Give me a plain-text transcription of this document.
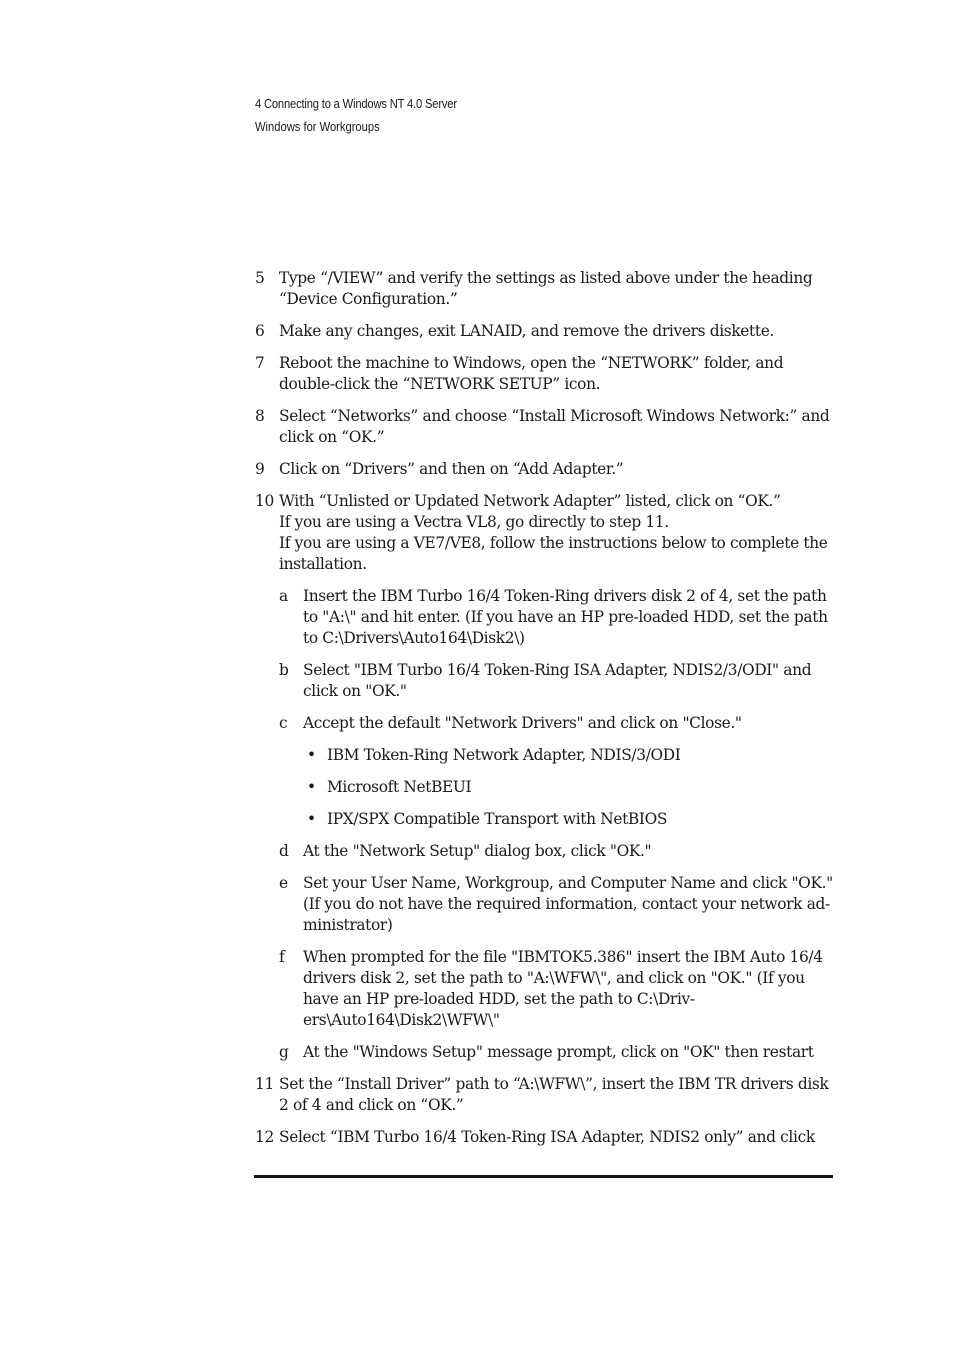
4 Connecting to a Windows NT 4.0 Server
Windows for Workgroups
5 Type “/VIEW” and verify the settings as listed above under the heading “Device Configuration.”
6 Make any changes, exit LANAID, and remove the drivers diskette.
7 Reboot the machine to Windows, open the “NETWORK” folder, and double-click the “NETWORK SETUP” icon.
8 Select “Networks” and choose “Install Microsoft Windows Network:” and click on “OK.”
9 Click on “Drivers” and then on “Add Adapter.”
10 With “Unlisted or Updated Network Adapter” listed, click on “OK.”
If you are using a Vectra VL8, go directly to step 11.
If you are using a VE7/VE8, follow the instructions below to complete the installation.
a Insert the IBM Turbo 16/4 Token-Ring drivers disk 2 of 4, set the path to "A:\" and hit enter. (If you have an HP pre-loaded HDD, set the path to C:\Drivers\Auto164\Disk2\)
b Select "IBM Turbo 16/4 Token-Ring ISA Adapter, NDIS2/3/ODI" and click on "OK."
c	Accept the default "Network Drivers" and click on "Close."
• IBM Token-Ring Network Adapter, NDIS/3/ODI
• Microsoft NetBEUI
• IPX/SPX Compatible Transport with NetBIOS
d At the "Network Setup" dialog box, click "OK."
e Set your User Name, Workgroup, and Computer Name and click "OK." (If you do not have the required information, contact your network ad-ministrator)
f	When prompted for the file "IBMTOK5.386" insert the IBM Auto 16/4 drivers disk 2, set the path to "A:\WFW\", and click on "OK." (If you have an HP pre-loaded HDD, set the path to C:\Driv-ers\Auto164\Disk2\WFW\"
g At the "Windows Setup" message prompt, click on "OK" then restart
11 Set the “Install Driver” path to “A:\WFW\”, insert the IBM TR drivers disk 2 of 4 and click on “OK.”
12 Select “IBM Turbo 16/4 Token-Ring ISA Adapter, NDIS2 only” and click
